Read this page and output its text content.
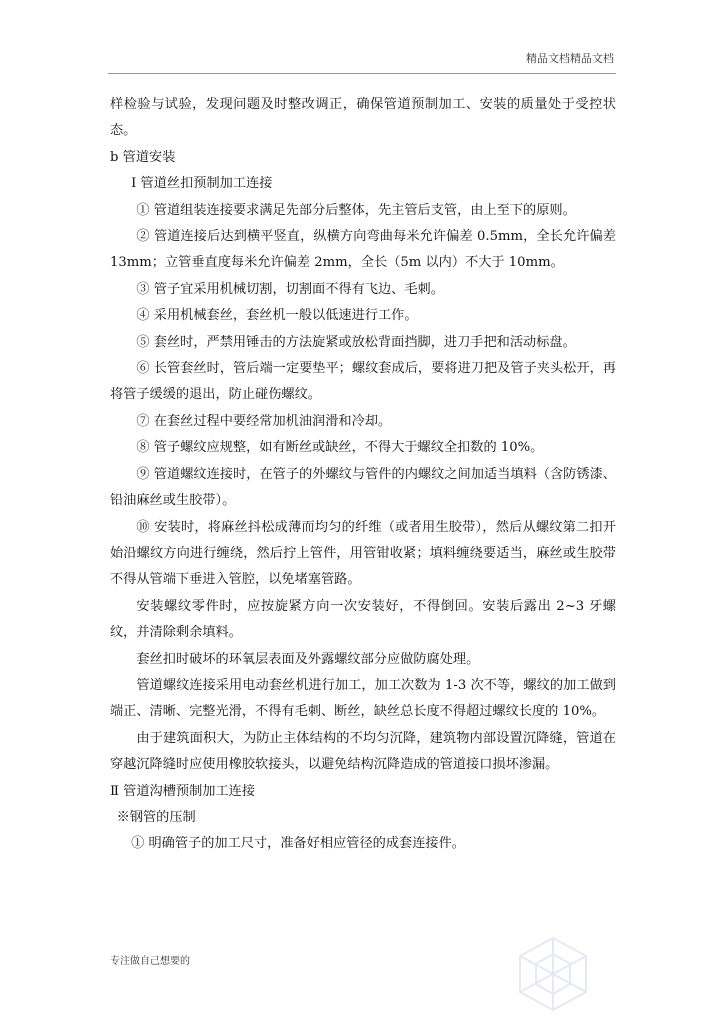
精品文档精品文档

样检验与试验，发现问题及时整改调正，确保管道预制加工、安装的质量处于受控状态。

b 管道安装

Ⅰ 管道丝扣预制加工连接

① 管道组装连接要求满足先部分后整体，先主管后支管，由上至下的原则。

② 管道连接后达到横平竖直，纵横方向弯曲每米允许偏差 0.5mm，全长允许偏差 13mm；立管垂直度每米允许偏差 2mm，全长（5m 以内）不大于 10mm。

③ 管子宜采用机械切割，切割面不得有飞边、毛刺。

④ 采用机械套丝，套丝机一般以低速进行工作。

⑤ 套丝时，严禁用锤击的方法旋紧或放松背面挡脚，进刀手把和活动标盘。

⑥ 长管套丝时，管后端一定要垫平；螺纹套成后，要将进刀把及管子夹头松开，再将管子缓缓的退出，防止碰伤螺纹。

⑦ 在套丝过程中要经常加机油润滑和冷却。

⑧ 管子螺纹应规整，如有断丝或缺丝，不得大于螺纹全扣数的 10%。

⑨ 管道螺纹连接时，在管子的外螺纹与管件的内螺纹之间加适当填料（含防锈漆、铅油麻丝或生胶带）。

⑩ 安装时，将麻丝抖松成薄而均匀的纤维（或者用生胶带），然后从螺纹第二扣开始沿螺纹方向进行缠绕，然后拧上管件，用管钳收紧；填料缠绕要适当，麻丝或生胶带不得从管端下垂进入管腔，以免堵塞管路。

安装螺纹零件时，应按旋紧方向一次安装好，不得倒回。安装后露出 2~3 牙螺纹，并清除剩余填料。

套丝扣时破坏的环氧层表面及外露螺纹部分应做防腐处理。

管道螺纹连接采用电动套丝机进行加工，加工次数为 1-3 次不等，螺纹的加工做到端正、清晰、完整光滑，不得有毛刺、断丝，缺丝总长度不得超过螺纹长度的 10%。

由于建筑面积大，为防止主体结构的不均匀沉降，建筑物内部设置沉降缝，管道在穿越沉降缝时应使用橡胶软接头，以避免结构沉降造成的管道接口损坏渗漏。

Ⅱ 管道沟槽预制加工连接

※钢管的压制

① 明确管子的加工尺寸，准备好相应管径的成套连接件。

专注做自己想要的
